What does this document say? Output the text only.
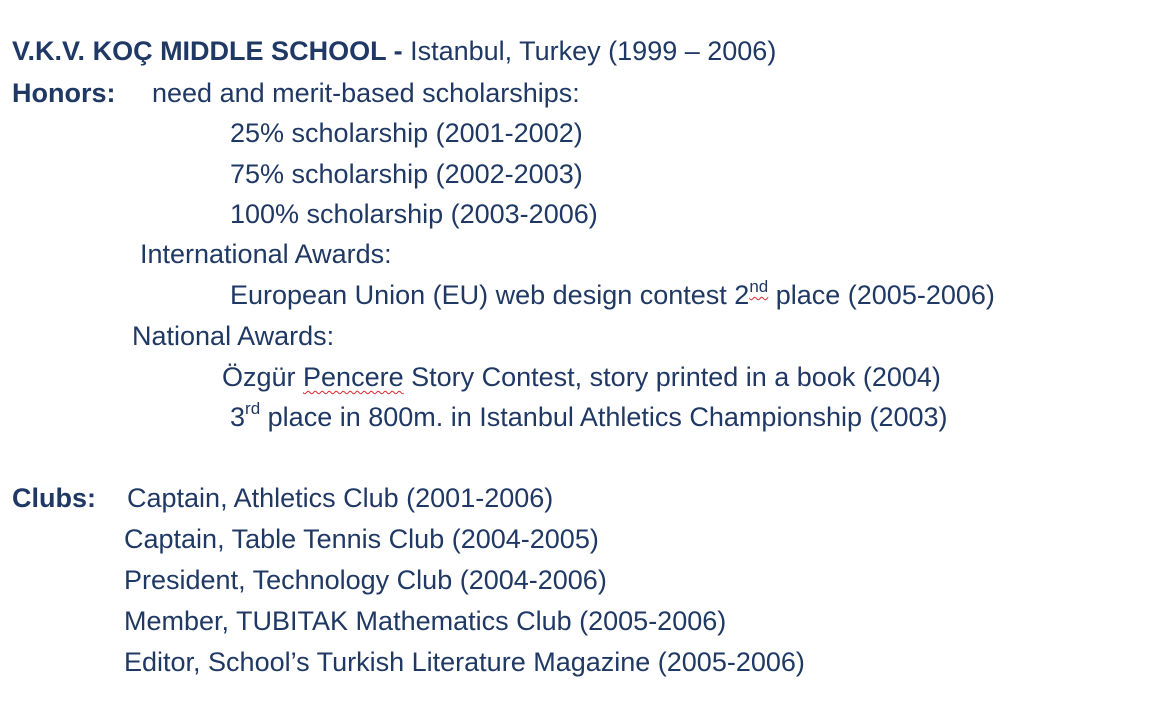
V.K.V. KOÇ MIDDLE SCHOOL - Istanbul, Turkey (1999 – 2006)
Honors: need and merit-based scholarships:
25% scholarship (2001-2002)
75% scholarship (2002-2003)
100% scholarship (2003-2006)
International Awards:
European Union (EU) web design contest 2nd place (2005-2006)
National Awards:
Özgür Pencere Story Contest, story printed in a book (2004)
3rd place in 800m. in Istanbul Athletics Championship (2003)
Clubs: Captain, Athletics Club (2001-2006)
Captain, Table Tennis Club (2004-2005)
President, Technology Club (2004-2006)
Member, TUBITAK Mathematics Club (2005-2006)
Editor, School’s Turkish Literature Magazine (2005-2006)
